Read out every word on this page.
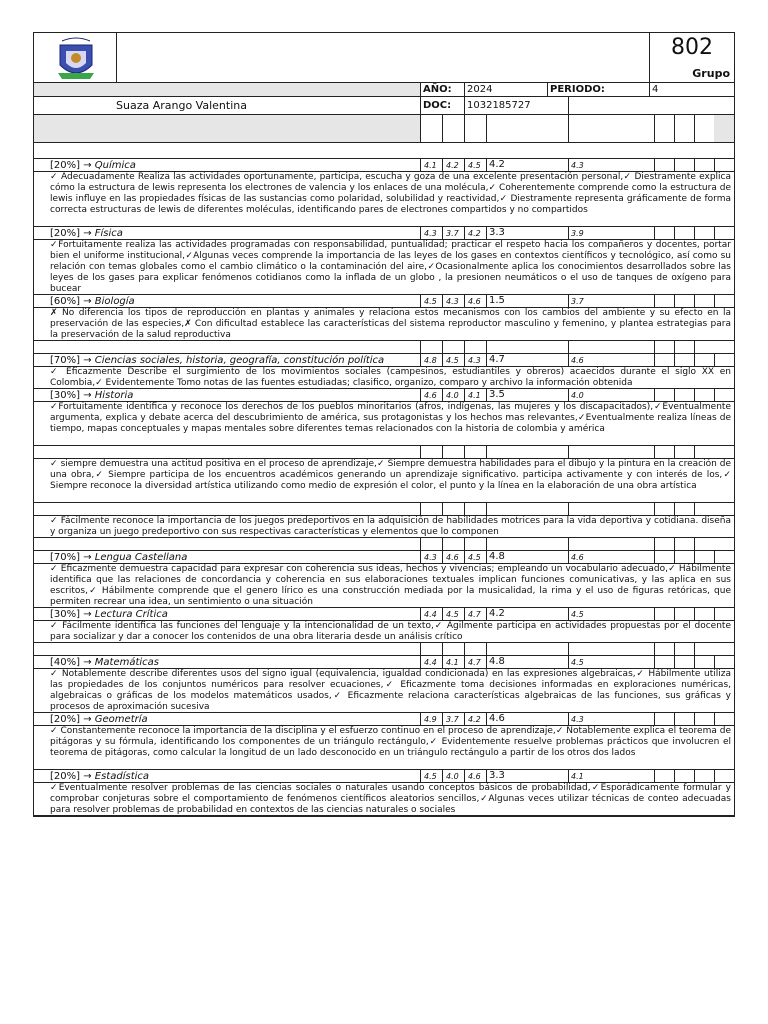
802
Grupo
AÑO: 2024	PERIODO:	4
Suaza Arango Valentina	DOC: 1032185727
[20%] → Química	4.1 4.2 4.5 4.2	4.3
✓ Adecuadamente Realiza las actividades oportunamente, participa, escucha y goza de una excelente presentación personal,✓ Diestramente explica cómo la estructura de lewis representa los electrones de valencia y los enlaces de una molécula,✓ Coherentemente comprende como la estructura de lewis influye en las propiedades físicas de las sustancias como polaridad, solubilidad y reactividad,✓ Diestramente representa gráficamente de forma correcta estructuras de lewis de diferentes moléculas, identificando pares de electrones compartidos y no compartidos
[20%] → Física	4.3 3.7 4.2 3.3	3.9
✓Fortuitamente realiza las actividades programadas con responsabilidad, puntualidad; practicar el respeto hacia los compañeros y docentes, portar bien el uniforme institucional,✓Algunas veces comprende la importancia de las leyes de los gases en contextos científicos y tecnológico, así como su relación con temas globales como el cambio climático o la contaminación del aire,✓Ocasionalmente aplica los conocimientos desarrollados sobre las leyes de los gases para explicar fenómenos cotidianos como la inflada de un globo , la presionen neumáticos o el uso de tanques de oxígeno para bucear
[60%] → Biología	4.5 4.3 4.6 1.5	3.7
✗ No diferencia los tipos de reproducción en plantas y animales y relaciona estos mecanismos con los cambios del ambiente y su efecto en la preservación de las especies,✗ Con dificultad establece las características del sistema reproductor masculino y femenino, y plantea estrategias para la preservación de la salud reproductiva
[70%] → Ciencias sociales, historia, geografía, constitución política	4.8 4.5 4.3 4.7	4.6
✓ Eficazmente Describe el surgimiento de los movimientos sociales (campesinos, estudiantiles y obreros) acaecidos durante el siglo XX en Colombia,✓ Evidentemente Tomo notas de las fuentes estudiadas; clasifico, organizo, comparo y archivo la información obtenida
[30%] → Historia	4.6 4.0 4.1 3.5	4.0
✓Fortuitamente identifica y reconoce los derechos de los pueblos minoritarios (afros, indígenas, las mujeres y los discapacitados),✓Eventualmente argumenta, explica y debate acerca del descubrimiento de américa, sus protagonistas y los hechos mas relevantes,✓Eventualmente realiza líneas de tiempo, mapas conceptuales y mapas mentales sobre diferentes temas relacionados con la historia de colombia y américa
✓ siempre demuestra una actitud positiva en el proceso de aprendizaje,✓ Siempre demuestra habilidades para el dibujo y la pintura en la creación de una obra,✓ Siempre participa de los encuentros académicos generando un aprendizaje significativo. participa activamente y con interés de los,✓ Siempre reconoce la diversidad artística utilizando como medio de expresión el color, el punto y la línea en la elaboración de una obra artística
✓ Fácilmente reconoce la importancia de los juegos predeportivos en la adquisición de habilidades motrices para la vida deportiva y cotidiana. diseña y organiza un juego predeportivo con sus respectivas características y elementos que lo componen
[70%] → Lengua Castellana	4.3 4.6 4.5 4.8	4.6
✓ Eficazmente demuestra capacidad para expresar con coherencia sus ideas, hechos y vivencias; empleando un vocabulario adecuado,✓ Hábilmente identifica que las relaciones de concordancia y coherencia en sus elaboraciones textuales implican funciones comunicativas, y las aplica en sus escritos,✓ Hábilmente comprende que el genero lírico es una construcción mediada por la musicalidad, la rima y el uso de figuras retóricas, que permiten recrear una idea, un sentimiento o una situación
[30%] → Lectura Crítica	4.4 4.5 4.7 4.2	4.5
✓ Fácilmente identifica las funciones del lenguaje y la intencionalidad de un texto,✓ Ágilmente participa en actividades propuestas por el docente para socializar y dar a conocer los contenidos de una obra literaria desde un análisis crítico
[40%] → Matemáticas	4.4 4.1 4.7 4.8	4.5
✓ Notablemente describe diferentes usos del signo igual (equivalencia, igualdad condicionada) en las expresiones algebraicas,✓ Hábilmente utiliza las propiedades de los conjuntos numéricos para resolver ecuaciones,✓ Eficazmente toma decisiones informadas en exploraciones numéricas, algebraicas o gráficas de los modelos matemáticos usados,✓ Eficazmente relaciona características algebraicas de las funciones, sus gráficas y procesos de aproximación sucesiva
[20%] → Geometría	4.9 3.7 4.2 4.6	4.3
✓ Constantemente reconoce la importancia de la disciplina y el esfuerzo continuo en el proceso de aprendizaje,✓ Notablemente explica el teorema de pitágoras y su fórmula, identificando los componentes de un triángulo rectángulo,✓ Evidentemente resuelve problemas prácticos que involucren el teorema de pitágoras, como calcular la longitud de un lado desconocido en un triángulo rectángulo a partir de los otros dos lados
[20%] → Estadística	4.5 4.0 4.6 3.3	4.1
✓Eventualmente resolver problemas de las ciencias sociales o naturales usando conceptos básicos de probabilidad,✓Esporádicamente formular y comprobar conjeturas sobre el comportamiento de fenómenos científicos aleatorios sencillos,✓Algunas veces utilizar técnicas de conteo adecuadas para resolver problemas de probabilidad en contextos de las ciencias naturales o sociales
